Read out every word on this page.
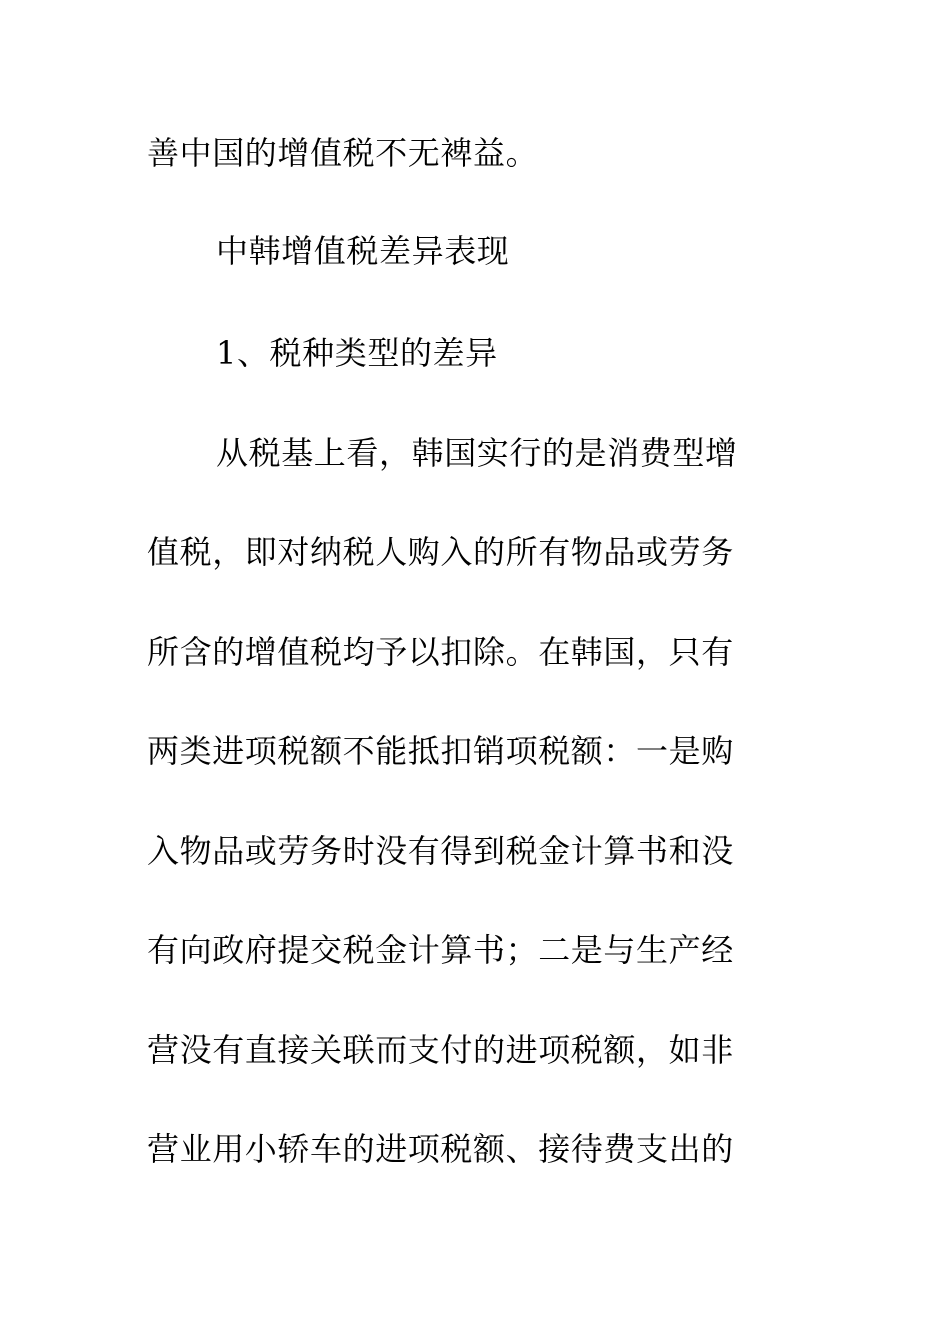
善中国的增值税不无裨益。
中韩增值税差异表现
1、税种类型的差异
从税基上看，韩国实行的是消费型增
值税，即对纳税人购入的所有物品或劳务
所含的增值税均予以扣除。在韩国，只有
两类进项税额不能抵扣销项税额：一是购
入物品或劳务时没有得到税金计算书和没
有向政府提交税金计算书；二是与生产经
营没有直接关联而支付的进项税额，如非
营业用小轿车的进项税额、接待费支出的
